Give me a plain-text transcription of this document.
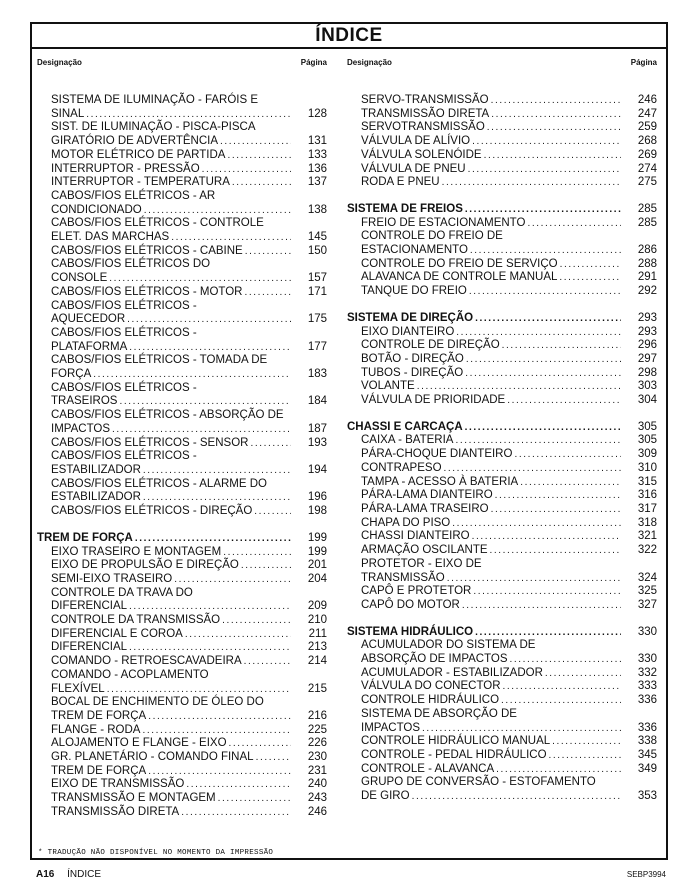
ÍNDICE
Designação	Página
SISTEMA DE ILUMINAÇÃO - FARÓIS E
SINAL .....	128
SIST. DE ILUMINAÇÃO - PISCA-PISCA
GIRATÓRIO DE ADVERTÊNCIA .....	131
MOTOR ELÉTRICO DE PARTIDA .....	133
INTERRUPTOR - PRESSÃO .....	136
INTERRUPTOR - TEMPERATURA .....	137
CABOS/FIOS ELÉTRICOS - AR
CONDICIONADO .....	138
CABOS/FIOS ELÉTRICOS - CONTROLE
ELET. DAS MARCHAS .....	145
CABOS/FIOS ELÉTRICOS - CABINE .....	150
CABOS/FIOS ELÉTRICOS DO
CONSOLE .....	157
CABOS/FIOS ELÉTRICOS - MOTOR .....	171
CABOS/FIOS ELÉTRICOS -
AQUECEDOR .....	175
CABOS/FIOS ELÉTRICOS -
PLATAFORMA .....	177
CABOS/FIOS ELÉTRICOS - TOMADA DE
FORÇA .....	183
CABOS/FIOS ELÉTRICOS -
TRASEIROS .....	184
CABOS/FIOS ELÉTRICOS - ABSORÇÃO DE
IMPACTOS .....	187
CABOS/FIOS ELÉTRICOS - SENSOR .....	193
CABOS/FIOS ELÉTRICOS -
ESTABILIZADOR .....	194
CABOS/FIOS ELÉTRICOS - ALARME DO
ESTABILIZADOR .....	196
CABOS/FIOS ELÉTRICOS - DIREÇÃO .....	198
TREM DE FORÇA .....	199
EIXO TRASEIRO E MONTAGEM .....	199
EIXO DE PROPULSÃO E DIREÇÃO .....	201
SEMI-EIXO TRASEIRO .....	204
CONTROLE DA TRAVA DO
DIFERENCIAL .....	209
CONTROLE DA TRANSMISSÃO .....	210
DIFERENCIAL E COROA .....	211
DIFERENCIAL .....	213
COMANDO - RETROESCAVADEIRA .....	214
COMANDO - ACOPLAMENTO
FLEXÍVEL .....	215
BOCAL DE ENCHIMENTO DE ÓLEO DO
TREM DE FORÇA .....	216
FLANGE - RODA .....	225
ALOJAMENTO E FLANGE - EIXO .....	226
GR. PLANETÁRIO - COMANDO FINAL .....	230
TREM DE FORÇA .....	231
EIXO DE TRANSMISSÃO .....	240
TRANSMISSÃO E MONTAGEM .....	243
TRANSMISSÃO DIRETA .....	246
Designação	Página
SERVO-TRANSMISSÃO .....	246
TRANSMISSÃO DIRETA .....	247
SERVOTRANSMISSÃO .....	259
VÁLVULA DE ALÍVIO .....	268
VÁLVULA SOLENÓIDE .....	269
VÁLVULA DE PNEU .....	274
RODA E PNEU .....	275
SISTEMA DE FREIOS .....	285
FREIO DE ESTACIONAMENTO .....	285
CONTROLE DO FREIO DE
ESTACIONAMENTO .....	286
CONTROLE DO FREIO DE SERVIÇO .....	288
ALAVANCA DE CONTROLE MANUAL .....	291
TANQUE DO FREIO .....	292
SISTEMA DE DIREÇÃO .....	293
EIXO DIANTEIRO .....	293
CONTROLE DE DIREÇÃO .....	296
BOTÃO - DIREÇÃO .....	297
TUBOS - DIREÇÃO .....	298
VOLANTE .....	303
VÁLVULA DE PRIORIDADE .....	304
CHASSI E CARCAÇA .....	305
CAIXA - BATERIA .....	305
PÁRA-CHOQUE DIANTEIRO .....	309
CONTRAPESO .....	310
TAMPA - ACESSO À BATERIA .....	315
PÁRA-LAMA DIANTEIRO .....	316
PÁRA-LAMA TRASEIRO .....	317
CHAPA DO PISO .....	318
CHASSI DIANTEIRO .....	321
ARMAÇÃO OSCILANTE .....	322
PROTETOR - EIXO DE
TRANSMISSÃO .....	324
CAPÔ E PROTETOR .....	325
CAPÔ DO MOTOR .....	327
SISTEMA HIDRÁULICO .....	330
ACUMULADOR DO SISTEMA DE
ABSORÇÃO DE IMPACTOS .....	330
ACUMULADOR - ESTABILIZADOR .....	332
VÁLVULA DO CONECTOR .....	333
CONTROLE HIDRÁULICO .....	336
SISTEMA DE ABSORÇÃO DE
IMPACTOS .....	336
CONTROLE HIDRÁULICO MANUAL .....	338
CONTROLE - PEDAL HIDRÁULICO .....	345
CONTROLE - ALAVANCA .....	349
GRUPO DE CONVERSÃO - ESTOFAMENTO
DE GIRO .....	353
* TRADUÇÃO NÃO DISPONÍVEL NO MOMENTO DA IMPRESSÃO
A16 ÍNDICE	SEBP3994
